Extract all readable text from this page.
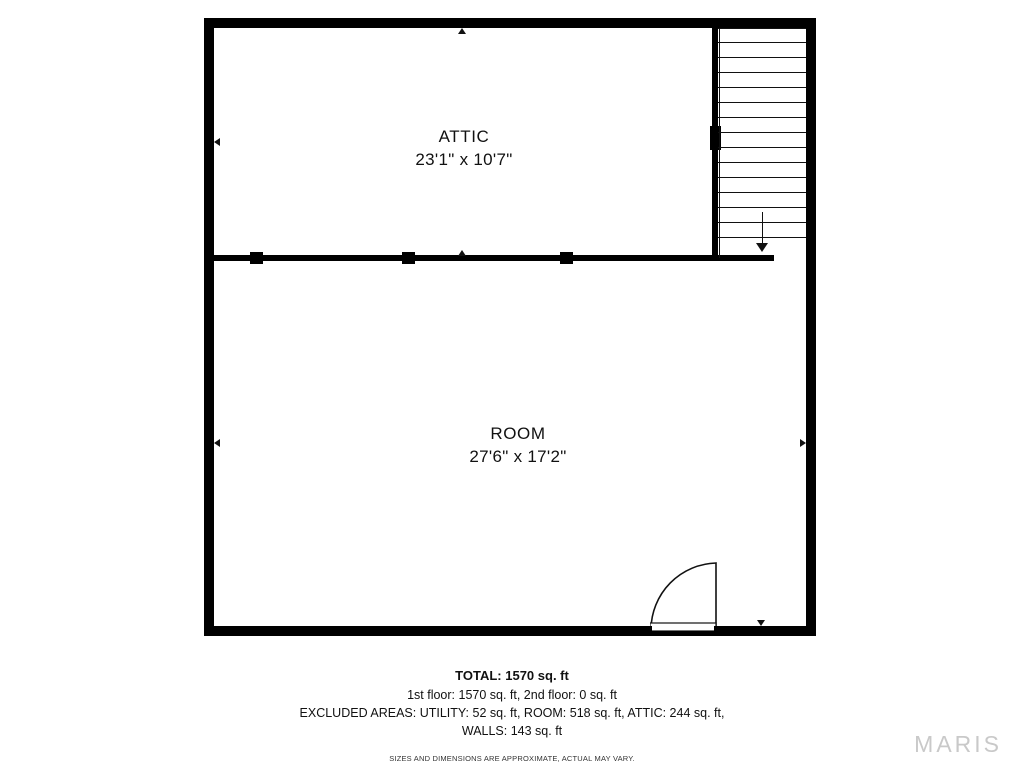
ATTIC
23'1" x 10'7"
ROOM
27'6" x 17'2"
TOTAL: 1570 sq. ft
1st floor: 1570 sq. ft, 2nd floor: 0 sq. ft
EXCLUDED AREAS: UTILITY: 52 sq. ft, ROOM: 518 sq. ft, ATTIC: 244 sq. ft,
WALLS: 143 sq. ft
SIZES AND DIMENSIONS ARE APPROXIMATE, ACTUAL MAY VARY.
MARIS
